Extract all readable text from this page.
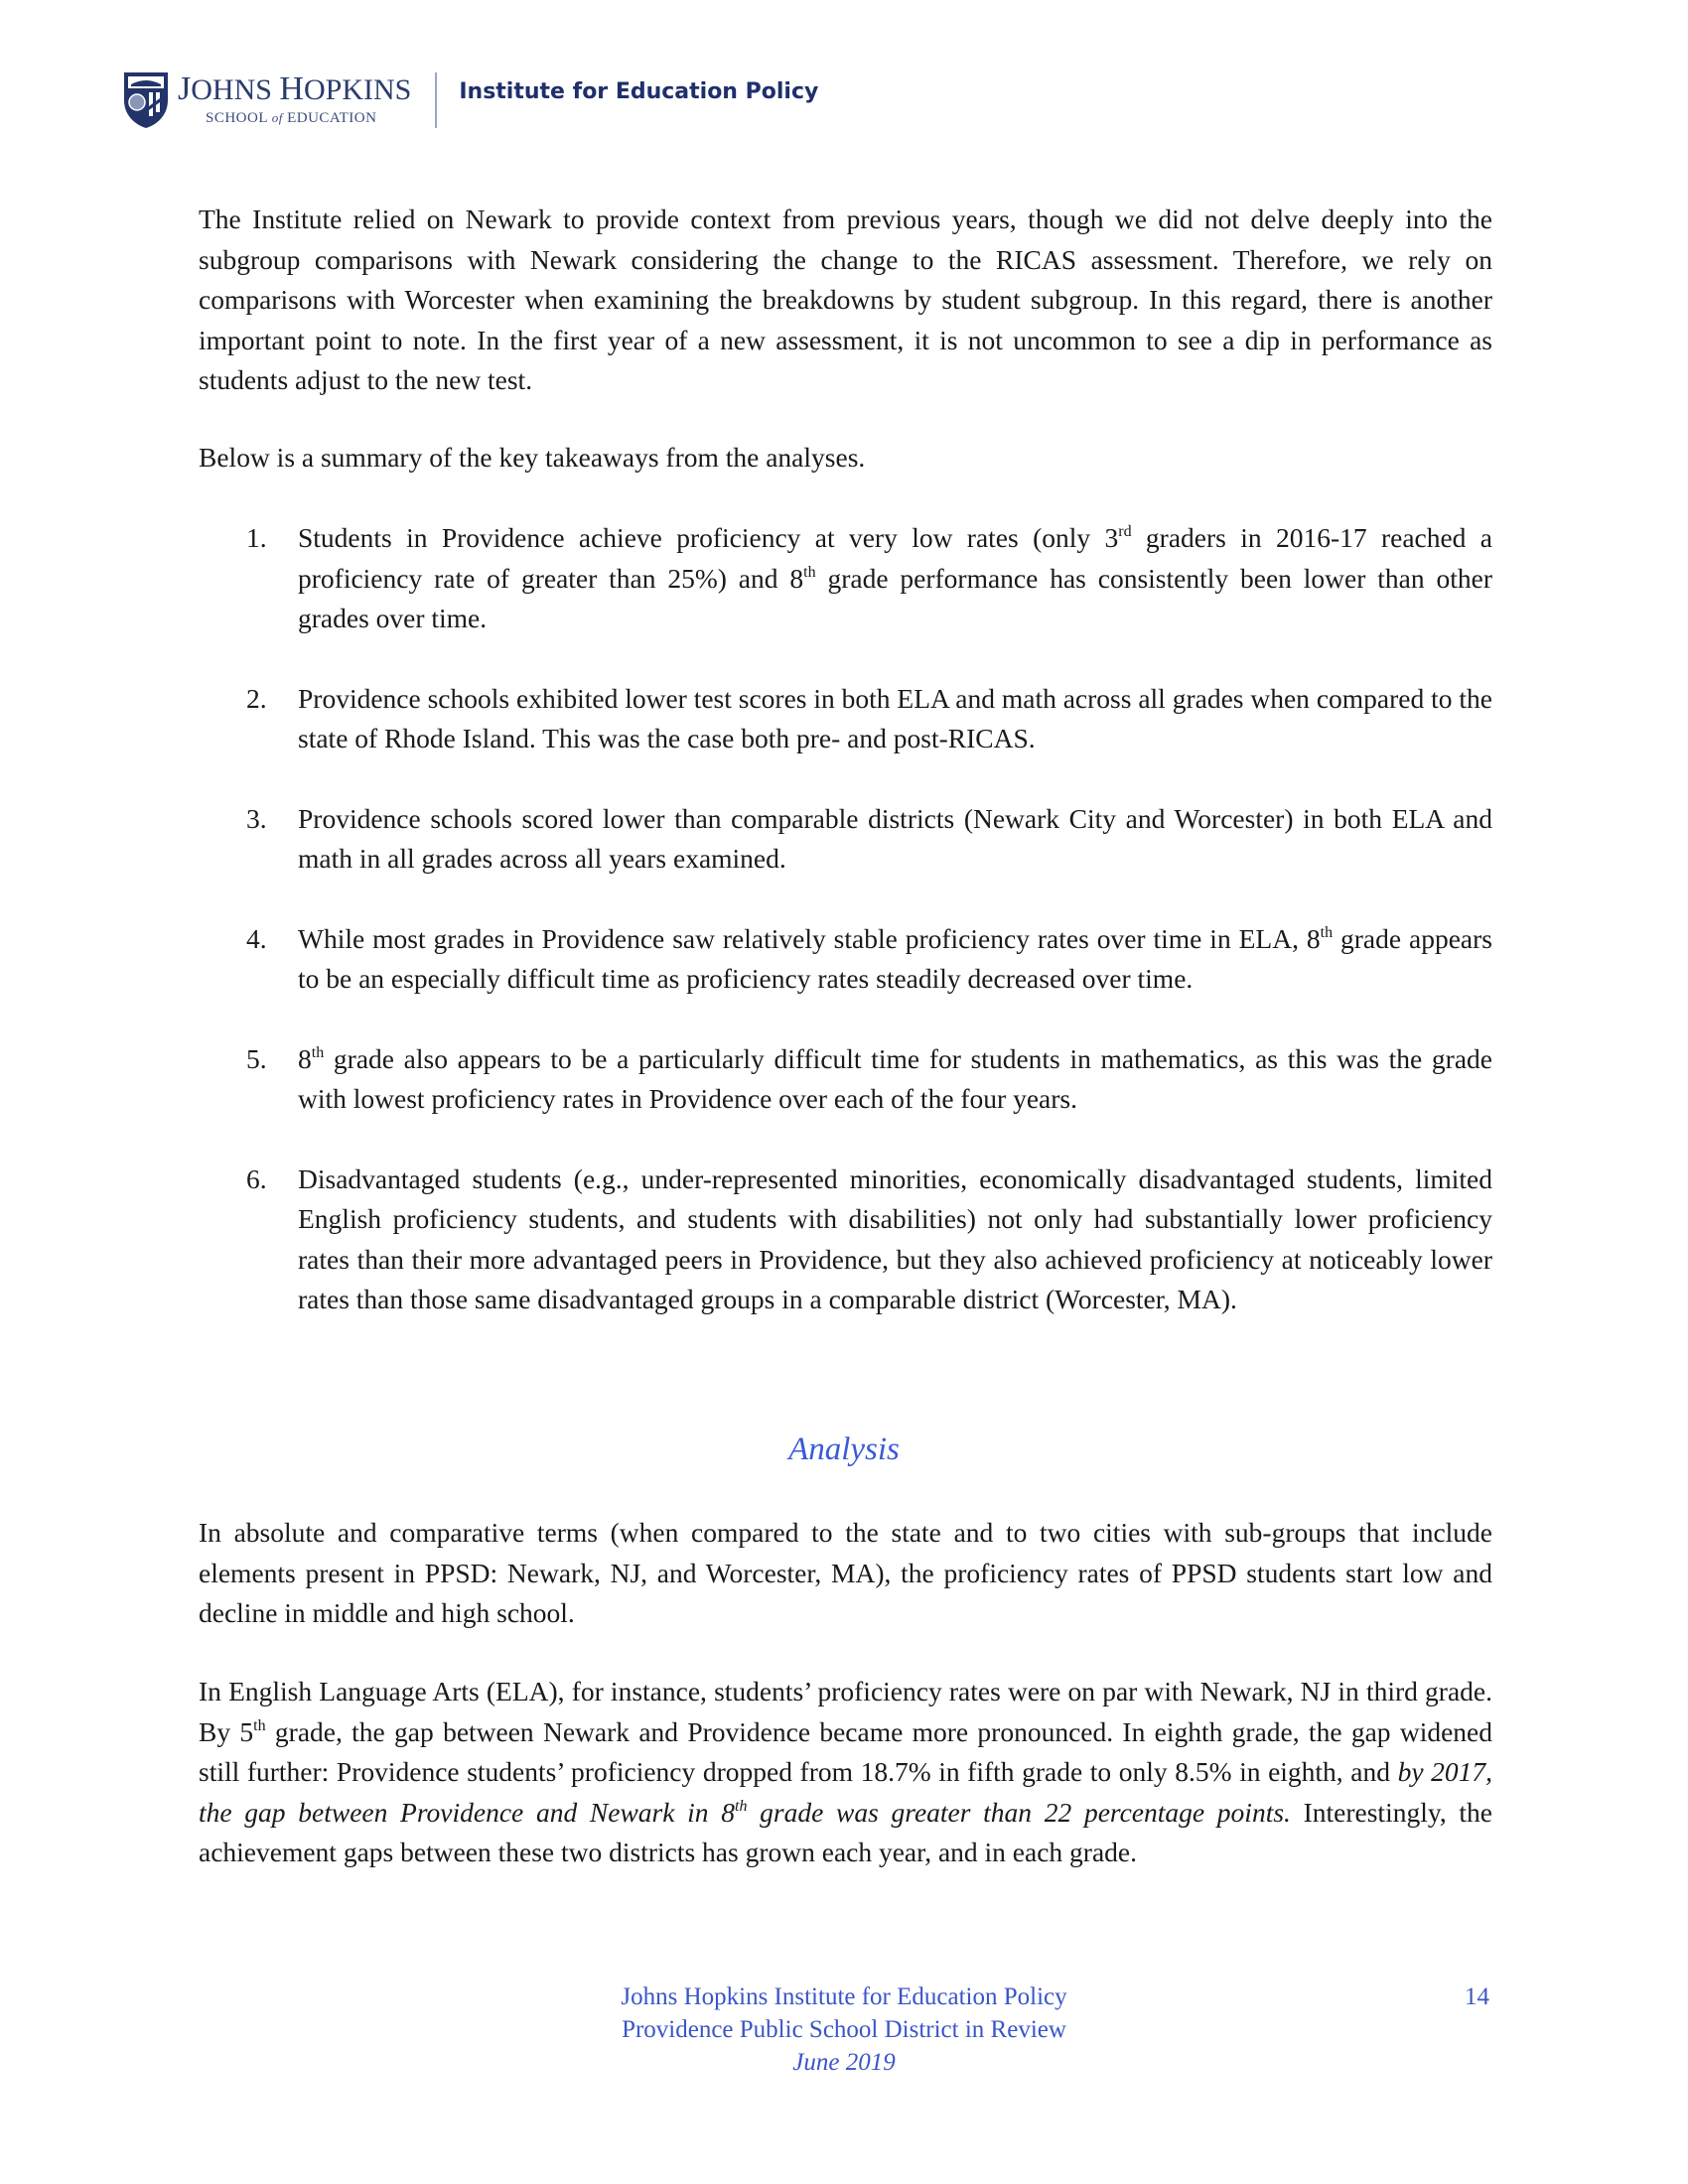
JOHNS HOPKINS
SCHOOL of EDUCATION
Institute for Education Policy

The Institute relied on Newark to provide context from previous years, though we did not delve deeply into the subgroup comparisons with Newark considering the change to the RICAS assessment. Therefore, we rely on comparisons with Worcester when examining the breakdowns by student subgroup. In this regard, there is another important point to note. In the first year of a new assessment, it is not uncommon to see a dip in performance as students adjust to the new test.

Below is a summary of the key takeaways from the analyses.

1. Students in Providence achieve proficiency at very low rates (only 3rd graders in 2016-17 reached a proficiency rate of greater than 25%) and 8th grade performance has consistently been lower than other grades over time.
2. Providence schools exhibited lower test scores in both ELA and math across all grades when compared to the state of Rhode Island. This was the case both pre- and post-RICAS.
3. Providence schools scored lower than comparable districts (Newark City and Worcester) in both ELA and math in all grades across all years examined.
4. While most grades in Providence saw relatively stable proficiency rates over time in ELA, 8th grade appears to be an especially difficult time as proficiency rates steadily decreased over time.
5. 8th grade also appears to be a particularly difficult time for students in mathematics, as this was the grade with lowest proficiency rates in Providence over each of the four years.
6. Disadvantaged students (e.g., under-represented minorities, economically disadvantaged students, limited English proficiency students, and students with disabilities) not only had substantially lower proficiency rates than their more advantaged peers in Providence, but they also achieved proficiency at noticeably lower rates than those same disadvantaged groups in a comparable district (Worcester, MA).
Analysis

In absolute and comparative terms (when compared to the state and to two cities with sub-groups that include elements present in PPSD: Newark, NJ, and Worcester, MA), the proficiency rates of PPSD students start low and decline in middle and high school.

In English Language Arts (ELA), for instance, students’ proficiency rates were on par with Newark, NJ in third grade. By 5th grade, the gap between Newark and Providence became more pronounced. In eighth grade, the gap widened still further: Providence students’ proficiency dropped from 18.7% in fifth grade to only 8.5% in eighth, and by 2017, the gap between Providence and Newark in 8th grade was greater than 22 percentage points. Interestingly, the achievement gaps between these two districts has grown each year, and in each grade.

Johns Hopkins Institute for Education Policy
Providence Public School District in Review
June 2019
14
